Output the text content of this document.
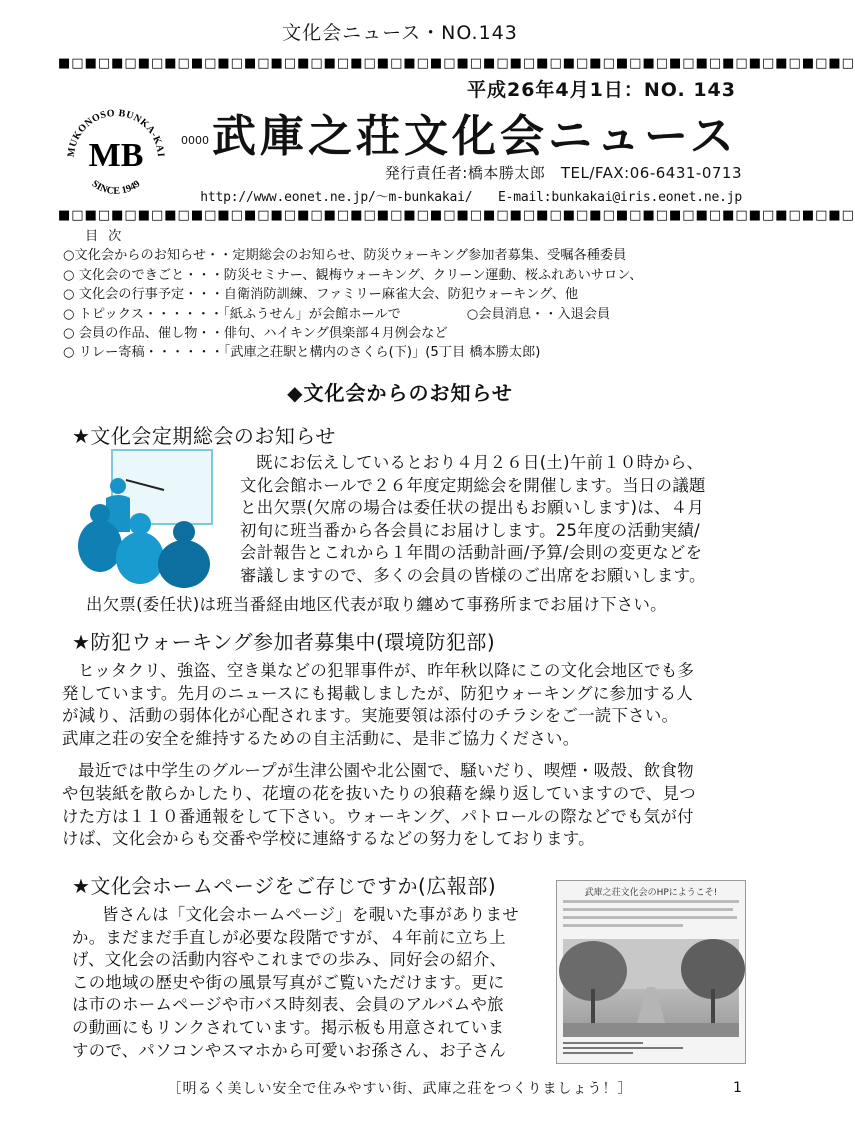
文化会ニュース・NO.143
■□■□■□■□■□■□■□■□■□■□■□■□■□■□■□■□■□■□■□■□■□■□■□■□■□■□■□■□■□■□
平成26年4月1日：NO. 143
MUKONOSO BUNKA-KAI
MB
SINCE 1949
0000 武庫之荘文化会ニュース
発行責任者:橋本勝太郎　TEL/FAX:06-6431-0713
http://www.eonet.ne.jp/～m-bunkakai/　　E-mail:bunkakai@iris.eonet.ne.jp
■□■□■□■□■□■□■□■□■□■□■□■□■□■□■□■□■□■□■□■□■□■□■□■□■□■□■□■□■□■□
目次
○文化会からのお知らせ・・定期総会のお知らせ、防災ウォーキング参加者募集、受嘱各種委員
○ 文化会のできごと・・・防災セミナー、観梅ウォーキング、クリーン運動、桜ふれあいサロン、
○ 文化会の行事予定・・・自衛消防訓練、ファミリー麻雀大会、防犯ウォーキング、他
○ トピックス・・・・・・「紙ふうせん」が会館ホールで　　　　　○会員消息・・入退会員
○ 会員の作品、催し物・・俳句、ハイキング倶楽部４月例会など
○ リレー寄稿・・・・・・「武庫之荘駅と構内のさくら(下)」(5丁目 橋本勝太郎)
◆文化会からのお知らせ
★文化会定期総会のお知らせ
既にお伝えしているとおり４月２６日(土)午前１０時から、
文化会館ホールで２６年度定期総会を開催します。当日の議題
と出欠票(欠席の場合は委任状の提出もお願いします)は、４月
初旬に班当番から各会員にお届けします。25年度の活動実績/
会計報告とこれから１年間の活動計画/予算/会則の変更などを
審議しますので、多くの会員の皆様のご出席をお願いします。
出欠票(委任状)は班当番経由地区代表が取り纏めて事務所までお届け下さい。
★防犯ウォーキング参加者募集中(環境防犯部)
ヒッタクリ、強盗、空き巣などの犯罪事件が、昨年秋以降にこの文化会地区でも多
発しています。先月のニュースにも掲載しましたが、防犯ウォーキングに参加する人
が減り、活動の弱体化が心配されます。実施要領は添付のチラシをご一読下さい。
武庫之荘の安全を維持するための自主活動に、是非ご協力ください。
最近では中学生のグループが生津公園や北公園で、騒いだり、喫煙・吸殻、飲食物
や包装紙を散らかしたり、花壇の花を抜いたりの狼藉を繰り返していますので、見つ
けた方は１１０番通報をして下さい。ウォーキング、パトロールの際などでも気が付
けば、文化会からも交番や学校に連絡するなどの努力をしております。
★文化会ホームページをご存じですか(広報部)
皆さんは「文化会ホームページ」を覗いた事がありませ
か。まだまだ手直しが必要な段階ですが、４年前に立ち上
げ、文化会の活動内容やこれまでの歩み、同好会の紹介、
この地域の歴史や街の風景写真がご覧いただけます。更に
は市のホームページや市バス時刻表、会員のアルバムや旅
の動画にもリンクされています。掲示板も用意されていま
すので、パソコンやスマホから可愛いお孫さん、お子さん
武庫之荘文化会のHPにようこそ!
［明るく美しい安全で住みやすい街、武庫之荘をつくりましょう！］	1
